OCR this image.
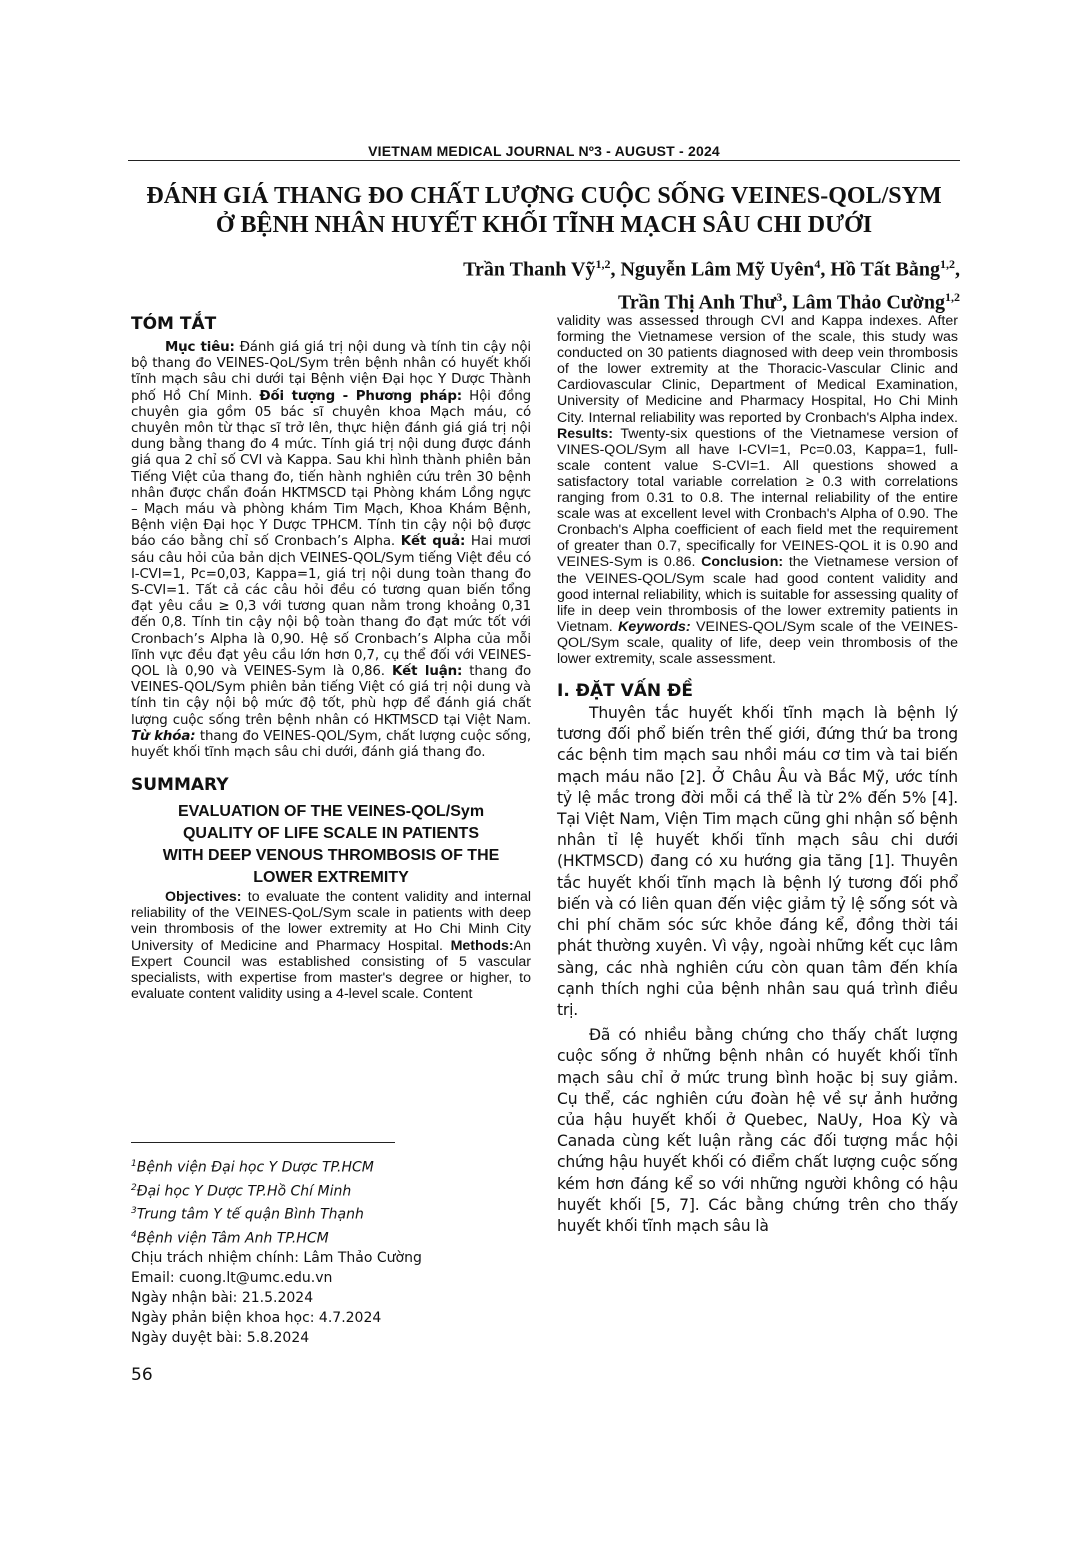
VIETNAM MEDICAL JOURNAL Nº3 - AUGUST - 2024
ĐÁNH GIÁ THANG ĐO CHẤT LƯỢNG CUỘC SỐNG VEINES-QOL/SYM
Ở BỆNH NHÂN HUYẾT KHỐI TĨNH MẠCH SÂU CHI DƯỚI
Trần Thanh Vỹ$^{1,2}$, Nguyễn Lâm Mỹ Uyên$^4$, Hồ Tất Bằng$^{1,2}$,
Trần Thị Anh Thư$^3$, Lâm Thảo Cường$^{1,2}$
TÓM TẮT

Mục tiêu: Đánh giá giá trị nội dung và tính tin cậy nội bộ thang đo VEINES-QoL/Sym trên bệnh nhân có huyết khối tĩnh mạch sâu chi dưới tại Bệnh viện Đại học Y Dược Thành phố Hồ Chí Minh. Đối tượng - Phương pháp: Hội đồng chuyên gia gồm 05 bác sĩ chuyên khoa Mạch máu, có chuyên môn từ thạc sĩ trở lên, thực hiện đánh giá giá trị nội dung bằng thang đo 4 mức. Tính giá trị nội dung được đánh giá qua 2 chỉ số CVI và Kappa. Sau khi hình thành phiên bản Tiếng Việt của thang đo, tiến hành nghiên cứu trên 30 bệnh nhân được chẩn đoán HKTMSCD tại Phòng khám Lồng ngực – Mạch máu và phòng khám Tim Mạch, Khoa Khám Bệnh, Bệnh viện Đại học Y Dược TPHCM. Tính tin cậy nội bộ được báo cáo bằng chỉ số Cronbach’s Alpha. Kết quả: Hai mươi sáu câu hỏi của bản dịch VEINES-QOL/Sym tiếng Việt đều có I-CVI=1, Pc=0,03, Kappa=1, giá trị nội dung toàn thang đo S-CVI=1. Tất cả các câu hỏi đều có tương quan biến tổng đạt yêu cầu ≥ 0,3 với tương quan nằm trong khoảng 0,31 đến 0,8. Tính tin cậy nội bộ toàn thang đo đạt mức tốt với Cronbach’s Alpha là 0,90. Hệ số Cronbach’s Alpha của mỗi lĩnh vực đều đạt yêu cầu lớn hơn 0,7, cụ thể đối với VEINES-QOL là 0,90 và VEINES-Sym là 0,86. Kết luận: thang đo VEINES-QOL/Sym phiên bản tiếng Việt có giá trị nội dung và tính tin cậy nội bộ mức độ tốt, phù hợp để đánh giá chất lượng cuộc sống trên bệnh nhân có HKTMSCD tại Việt Nam. Từ khóa: thang đo VEINES-QOL/Sym, chất lượng cuộc sống, huyết khối tĩnh mạch sâu chi dưới, đánh giá thang đo.

SUMMARY

EVALUATION OF THE VEINES-QOL/Sym

QUALITY OF LIFE SCALE IN PATIENTS

WITH DEEP VENOUS THROMBOSIS OF THE

LOWER EXTREMITY

Objectives: to evaluate the content validity and internal reliability of the VEINES-QoL/Sym scale in patients with deep vein thrombosis of the lower extremity at Ho Chi Minh City University of Medicine and Pharmacy Hospital. Methods:An Expert Council was established consisting of 5 vascular specialists, with expertise from master's degree or higher, to evaluate content validity using a 4-level scale. Content

validity was assessed through CVI and Kappa indexes. After forming the Vietnamese version of the scale, this study was conducted on 30 patients diagnosed with deep vein thrombosis of the lower extremity at the Thoracic-Vascular Clinic and Cardiovascular Clinic, Department of Medical Examination, University of Medicine and Pharmacy Hospital, Ho Chi Minh City. Internal reliability was reported by Cronbach's Alpha index. Results: Twenty-six questions of the Vietnamese version of VINES-QOL/Sym all have I-CVI=1, Pc=0.03, Kappa=1, full-scale content value S-CVI=1. All questions showed a satisfactory total variable correlation ≥ 0.3 with correlations ranging from 0.31 to 0.8. The internal reliability of the entire scale was at excellent level with Cronbach's Alpha of 0.90. The Cronbach's Alpha coefficient of each field met the requirement of greater than 0.7, specifically for VEINES-QOL it is 0.90 and VEINES-Sym is 0.86. Conclusion: the Vietnamese version of the VEINES-QOL/Sym scale had good content validity and good internal reliability, which is suitable for assessing quality of life in deep vein thrombosis of the lower extremity patients in Vietnam. Keywords: VEINES-QOL/Sym scale of the VEINES-QOL/Sym scale, quality of life, deep vein thrombosis of the lower extremity, scale assessment.

I. ĐẶT VẤN ĐỀ

Thuyên tắc huyết khối tĩnh mạch là bệnh lý tương đối phổ biến trên thế giới, đứng thứ ba trong các bệnh tim mạch sau nhồi máu cơ tim và tai biến mạch máu não [2]. Ở Châu Âu và Bắc Mỹ, ước tính tỷ lệ mắc trong đời mỗi cá thể là từ 2% đến 5% [4]. Tại Việt Nam, Viện Tim mạch cũng ghi nhận số bệnh nhân tỉ lệ huyết khối tĩnh mạch sâu chi dưới (HKTMSCD) đang có xu hướng gia tăng [1]. Thuyên tắc huyết khối tĩnh mạch là bệnh lý tương đối phổ biến và có liên quan đến việc giảm tỷ lệ sống sót và chi phí chăm sóc sức khỏe đáng kể, đồng thời tái phát thường xuyên. Vì vậy, ngoài những kết cục lâm sàng, các nhà nghiên cứu còn quan tâm đến khía cạnh thích nghi của bệnh nhân sau quá trình điều trị.

Đã có nhiều bằng chứng cho thấy chất lượng cuộc sống ở những bệnh nhân có huyết khối tĩnh mạch sâu chỉ ở mức trung bình hoặc bị suy giảm. Cụ thể, các nghiên cứu đoàn hệ về sự ảnh hưởng của hậu huyết khối ở Quebec, NaUy, Hoa Kỳ và Canada cùng kết luận rằng các đối tượng mắc hội chứng hậu huyết khối có điểm chất lượng cuộc sống kém hơn đáng kể so với những người không có hậu huyết khối [5, 7]. Các bằng chứng trên cho thấy huyết khối tĩnh mạch sâu là

$^1$Bệnh viện Đại học Y Dược TP.HCM

$^2$Đại học Y Dược TP.Hồ Chí Minh

$^3$Trung tâm Y tế quận Bình Thạnh

$^4$Bệnh viện Tâm Anh TP.HCM

Chịu trách nhiệm chính: Lâm Thảo Cường

Email: cuong.lt@umc.edu.vn

Ngày nhận bài: 21.5.2024

Ngày phản biện khoa học: 4.7.2024

Ngày duyệt bài: 5.8.2024

56
